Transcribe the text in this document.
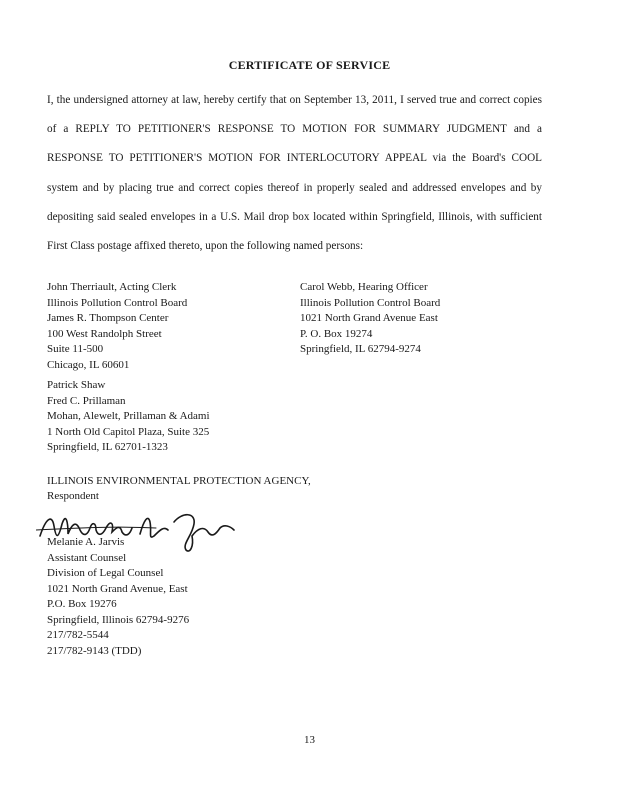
CERTIFICATE OF SERVICE
I, the undersigned attorney at law, hereby certify that on September 13, 2011, I served true and correct copies of a REPLY TO PETITIONER'S RESPONSE TO MOTION FOR SUMMARY JUDGMENT and a RESPONSE TO PETITIONER'S MOTION FOR INTERLOCUTORY APPEAL via the Board's COOL system and by placing true and correct copies thereof in properly sealed and addressed envelopes and by depositing said sealed envelopes in a U.S. Mail drop box located within Springfield, Illinois, with sufficient First Class postage affixed thereto, upon the following named persons:
John Therriault, Acting Clerk
Illinois Pollution Control Board
James R. Thompson Center
100 West Randolph Street
Suite 11-500
Chicago, IL 60601
Carol Webb, Hearing Officer
Illinois Pollution Control Board
1021 North Grand Avenue East
P. O. Box 19274
Springfield, IL 62794-9274
Patrick Shaw
Fred C. Prillaman
Mohan, Alewelt, Prillaman & Adami
1 North Old Capitol Plaza, Suite 325
Springfield, IL 62701-1323
ILLINOIS ENVIRONMENTAL PROTECTION AGENCY,
Respondent
Melanie A. Jarvis
Assistant Counsel
Division of Legal Counsel
1021 North Grand Avenue, East
P.O. Box 19276
Springfield, Illinois 62794-9276
217/782-5544
217/782-9143 (TDD)
13
